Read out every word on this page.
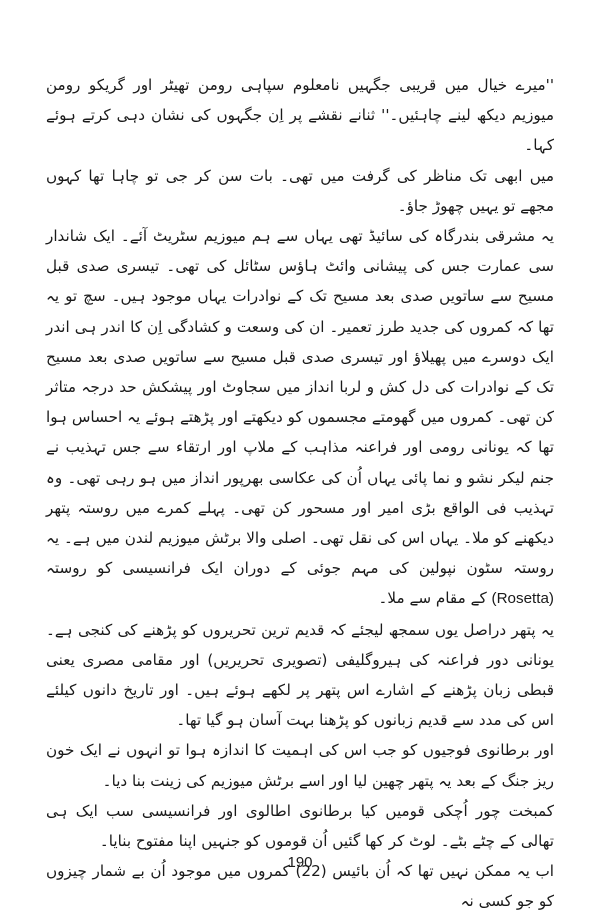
''میرے خیال میں قریبی جگہیں نامعلوم سپاہی رومن تھیٹر اور گریکو رومن میوزیم دیکھ لینے چاہئیں۔'' ثنانے نقشے پر اِن جگہوں کی نشان دہی کرتے ہوئے کہا۔

میں ابھی تک مناظر کی گرفت میں تھی۔ بات سن کر جی تو چاہا تھا کہوں مجھے تو یہیں چھوڑ جاؤ۔

یہ مشرقی بندرگاہ کی سائیڈ تھی یہاں سے ہم میوزیم سٹریٹ آئے۔ ایک شاندار سی عمارت جس کی پیشانی وائٹ ہاؤس سٹائل کی تھی۔ تیسری صدی قبل مسیح سے ساتویں صدی بعد مسیح تک کے نوادرات یہاں موجود ہیں۔ سچ تو یہ تھا کہ کمروں کی جدید طرز تعمیر۔ ان کی وسعت و کشادگی اِن کا اندر ہی اندر ایک دوسرے میں پھیلاؤ اور تیسری صدی قبل مسیح سے ساتویں صدی بعد مسیح تک کے نوادرات کی دل کش و لربا انداز میں سجاوٹ اور پیشکش حد درجہ متاثر کن تھی۔ کمروں میں گھومتے مجسموں کو دیکھتے اور پڑھتے ہوئے یہ احساس ہوا تھا کہ یونانی رومی اور فراعنہ مذاہب کے ملاپ اور ارتقاء سے جس تہذیب نے جنم لیکر نشو و نما پائی یہاں اُن کی عکاسی بھرپور انداز میں ہو رہی تھی۔ وہ تہذیب فی الواقع بڑی امیر اور مسحور کن تھی۔ پہلے کمرے میں روستہ پتھر دیکھنے کو ملا۔ یہاں اس کی نقل تھی۔ اصلی والا برٹش میوزیم لندن میں ہے۔ یہ روستہ سٹون نپولین کی مہم جوئی کے دوران ایک فرانسیسی کو روستہ (Rosetta) کے مقام سے ملا۔

یہ پتھر دراصل یوں سمجھ لیجئے کہ قدیم ترین تحریروں کو پڑھنے کی کنجی ہے۔ یونانی دور فراعنہ کی ہیروگلیفی (تصویری تحریریں) اور مقامی مصری یعنی قبطی زبان پڑھنے کے اشارے اس پتھر پر لکھے ہوئے ہیں۔ اور تاریخ دانوں کیلئے اس کی مدد سے قدیم زبانوں کو پڑھنا بہت آسان ہو گیا تھا۔

اور برطانوی فوجیوں کو جب اس کی اہمیت کا اندازہ ہوا تو انہوں نے ایک خون ریز جنگ کے بعد یہ پتھر چھین لیا اور اسے برٹش میوزیم کی زینت بنا دیا۔

کمبخت چور اُچکی قومیں کیا برطانوی اطالوی اور فرانسیسی سب ایک ہی تھالی کے چٹے بٹے۔ لوٹ کر کھا گئیں اُن قوموں کو جنہیں اپنا مفتوح بنایا۔

اب یہ ممکن نہیں تھا کہ اُن بائیس (22) کمروں میں موجود اُن بے شمار چیزوں کو جو کسی نہ

190
